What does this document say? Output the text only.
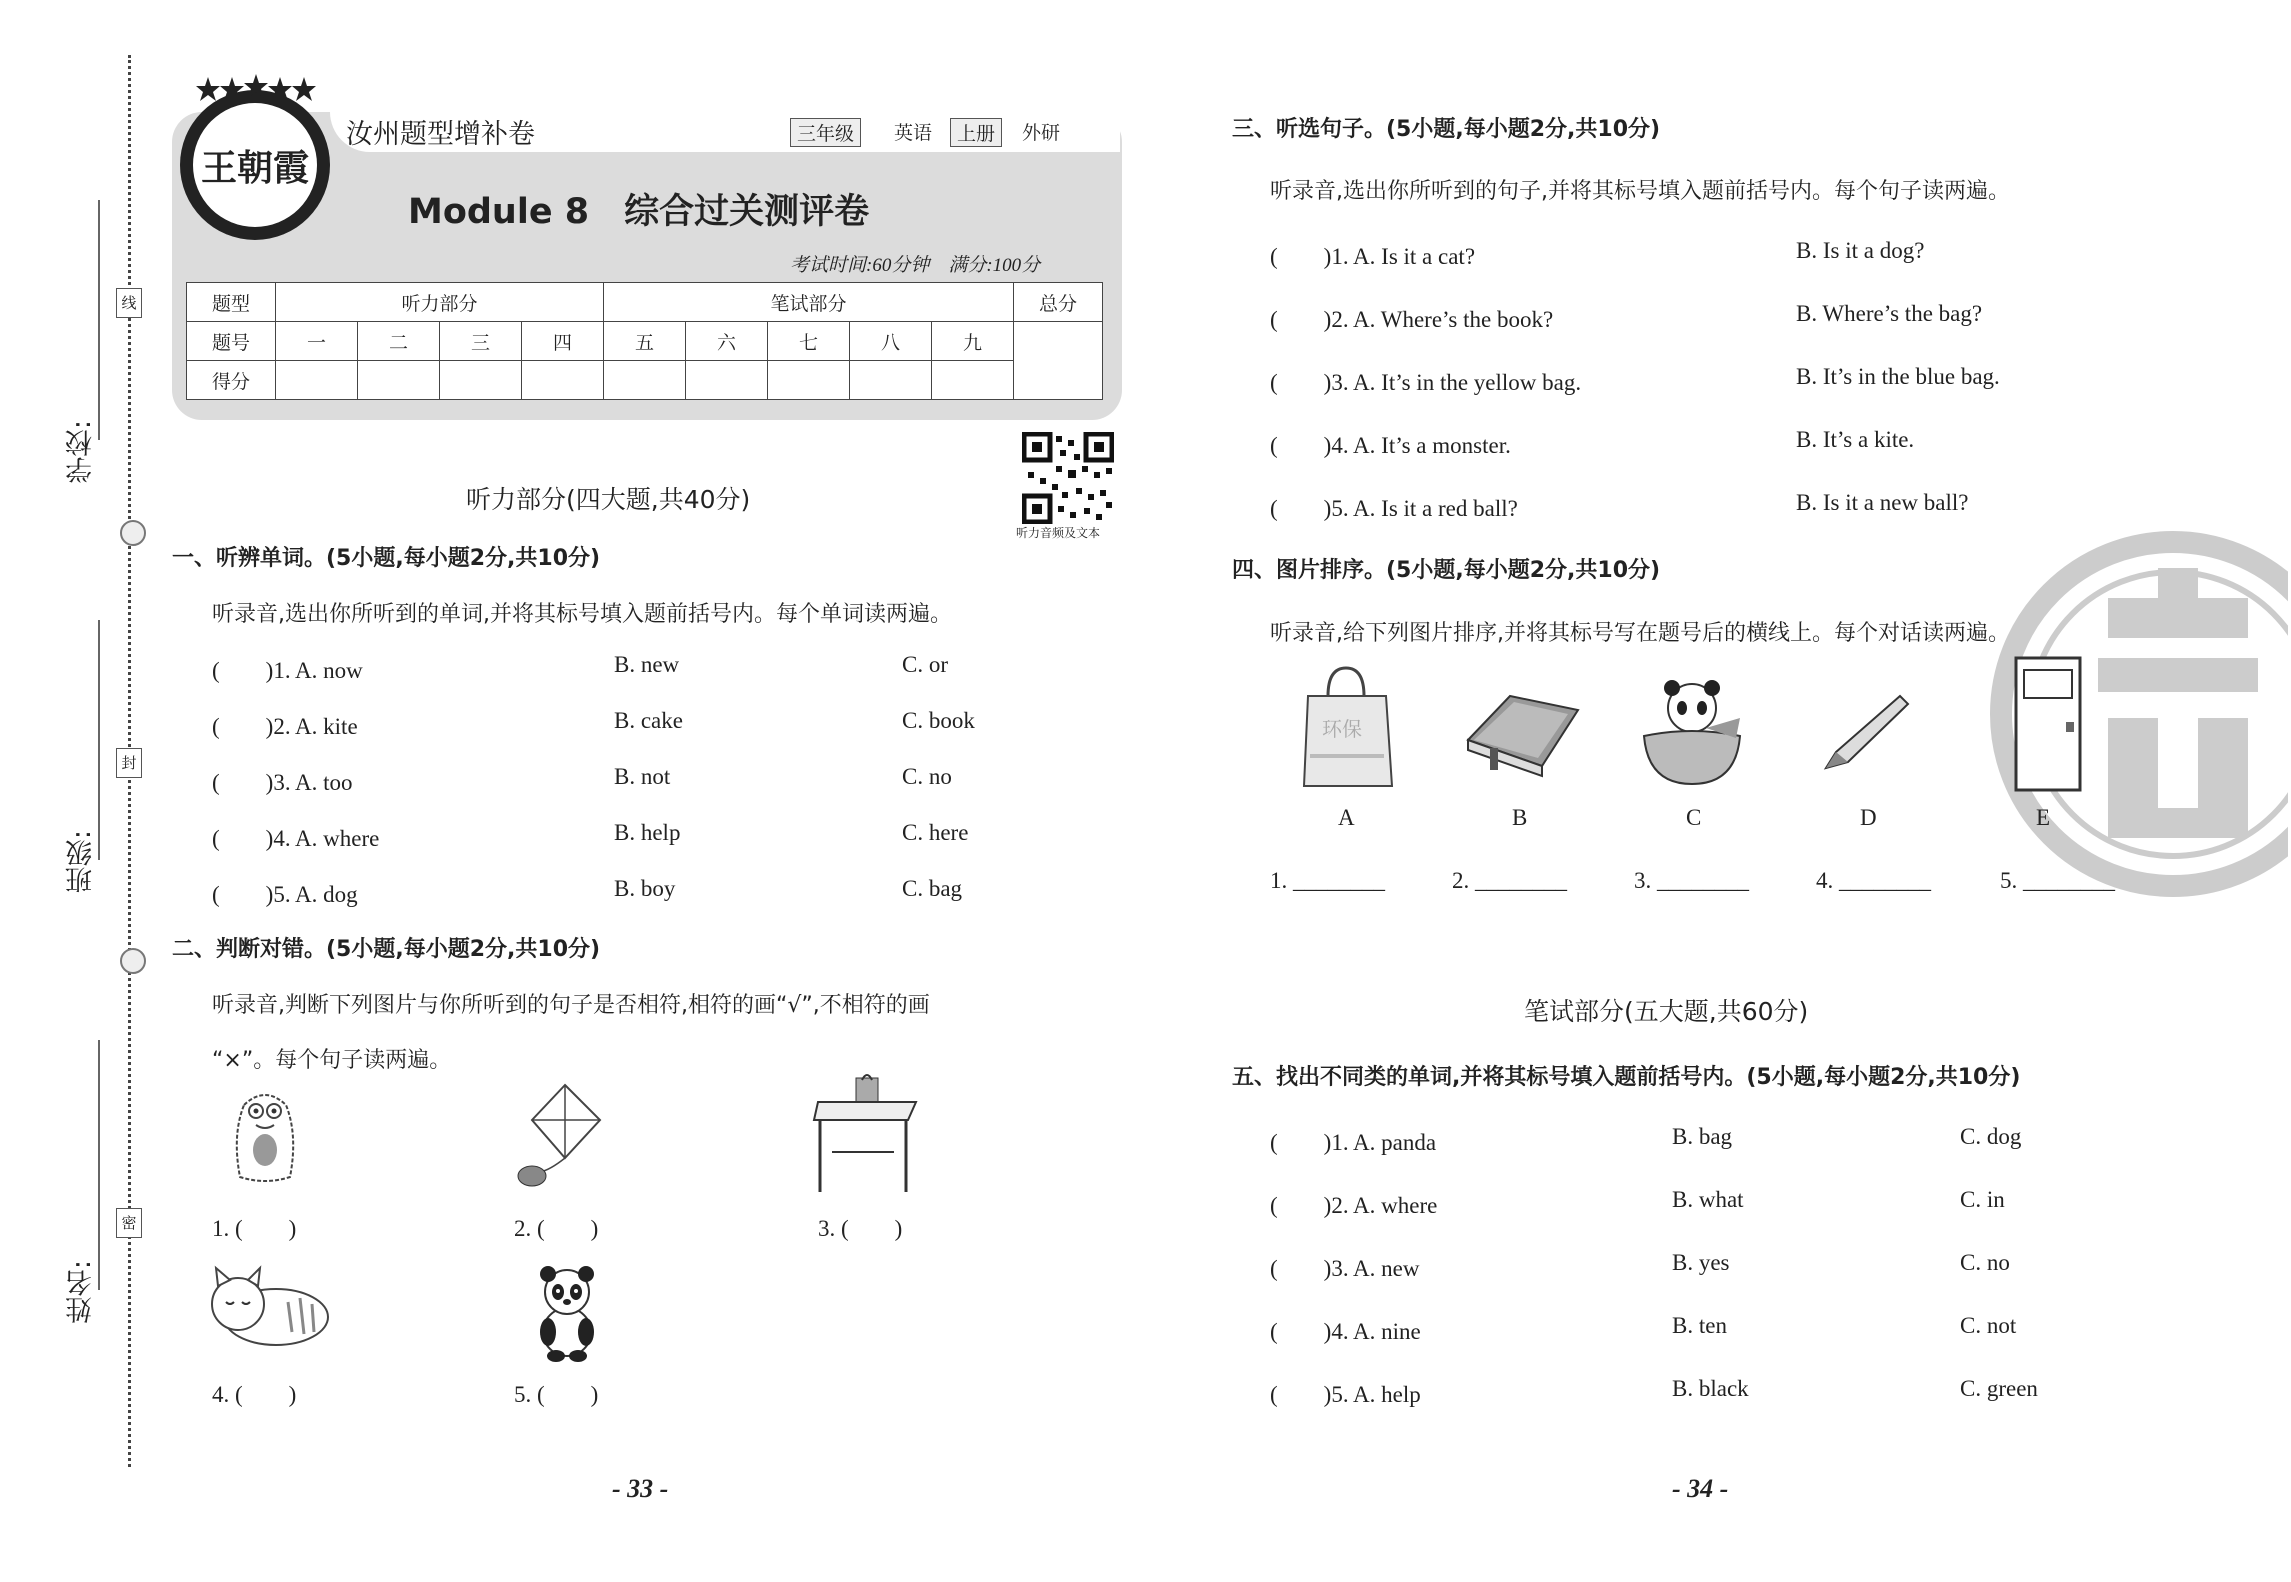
学校:
班级:
姓名:
线
封
密
王朝霞
汝州题型增补卷	三年级	英语	上册	外研
Module 8　综合过关测评卷
考试时间:60分钟　满分:100分
题型	听力部分				笔试部分					总分
题号	一	二	三	四	五	六	七	八	九	
得分										
听力音频及文本
听力部分(四大题,共40分)
一、听辨单词。(5小题,每小题2分,共10分)
听录音,选出你所听到的单词,并将其标号填入题前括号内。每个单词读两遍。
(　　)1. A. now	B. new	C. or
(　　)2. A. kite	B. cake	C. book
(　　)3. A. too	B. not	C. no
(　　)4. A. where	B. help	C. here
(　　)5. A. dog	B. boy	C. bag
二、判断对错。(5小题,每小题2分,共10分)
听录音,判断下列图片与你所听到的句子是否相符,相符的画“√”,不相符的画
“×”。每个句子读两遍。
1. (　　)	2. (　　)	3. (　　)
4. (　　)	5. (　　)
- 33 -
三、听选句子。(5小题,每小题2分,共10分)
听录音,选出你所听到的句子,并将其标号填入题前括号内。每个句子读两遍。
(　　)1. A. Is it a cat?	B. Is it a dog?
(　　)2. A. Where’s the book?	B. Where’s the bag?
(　　)3. A. It’s in the yellow bag.	B. It’s in the blue bag.
(　　)4. A. It’s a monster.	B. It’s a kite.
(　　)5. A. Is it a red ball?	B. Is it a new ball?
四、图片排序。(5小题,每小题2分,共10分)
听录音,给下列图片排序,并将其标号写在题号后的横线上。每个对话读两遍。
环保
A	B	C	D	E
1. ________	2. ________	3. ________	4. ________	5. ________
笔试部分(五大题,共60分)
五、找出不同类的单词,并将其标号填入题前括号内。(5小题,每小题2分,共10分)
(　　)1. A. panda	B. bag	C. dog
(　　)2. A. where	B. what	C. in
(　　)3. A. new	B. yes	C. no
(　　)4. A. nine	B. ten	C. not
(　　)5. A. help	B. black	C. green
- 34 -
